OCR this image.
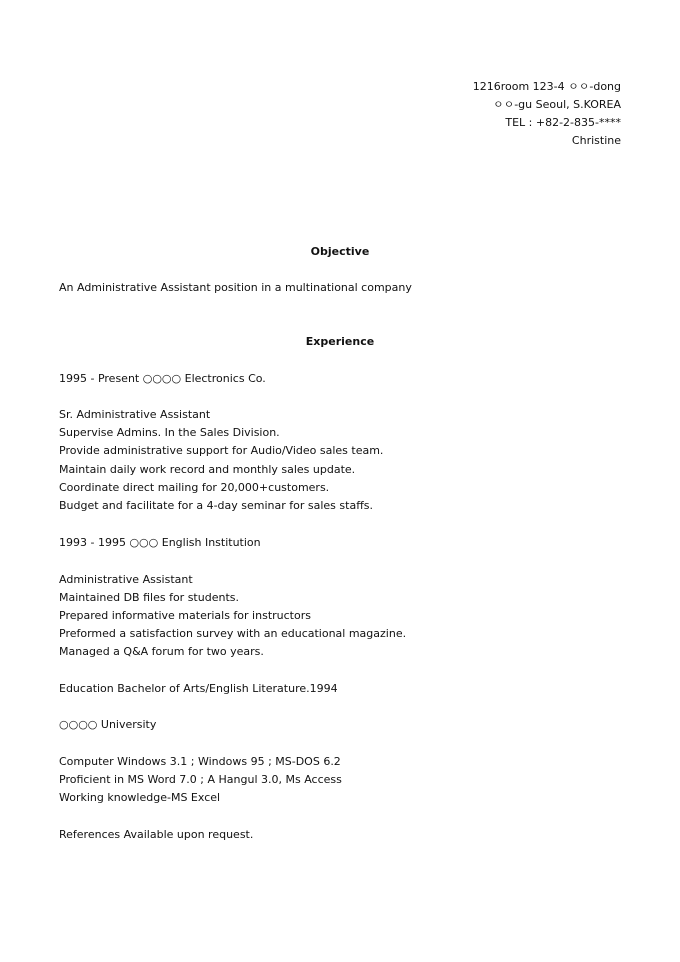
1216room 123-4 ㅇㅇ-dong
ㅇㅇ-gu Seoul, S.KOREA
TEL : +82-2-835-****
Christine
Objective
An Administrative Assistant position in a multinational company
Experience
1995 - Present ○○○○ Electronics Co.
Sr. Administrative Assistant
Supervise Admins. In the Sales Division.
Provide administrative support for Audio/Video sales team.
Maintain daily work record and monthly sales update.
Coordinate direct mailing for 20,000+customers.
Budget and facilitate for a 4-day seminar for sales staffs.
1993 - 1995 ○○○ English Institution
Administrative Assistant
Maintained DB files for students.
Prepared informative materials for instructors
Preformed a satisfaction survey with an educational magazine.
Managed a Q&A forum for two years.
Education Bachelor of Arts/English Literature.1994
○○○○ University
Computer Windows 3.1 ; Windows 95 ; MS-DOS 6.2
Proficient in MS Word 7.0 ; A Hangul 3.0, Ms Access
Working knowledge-MS Excel
References Available upon request.
